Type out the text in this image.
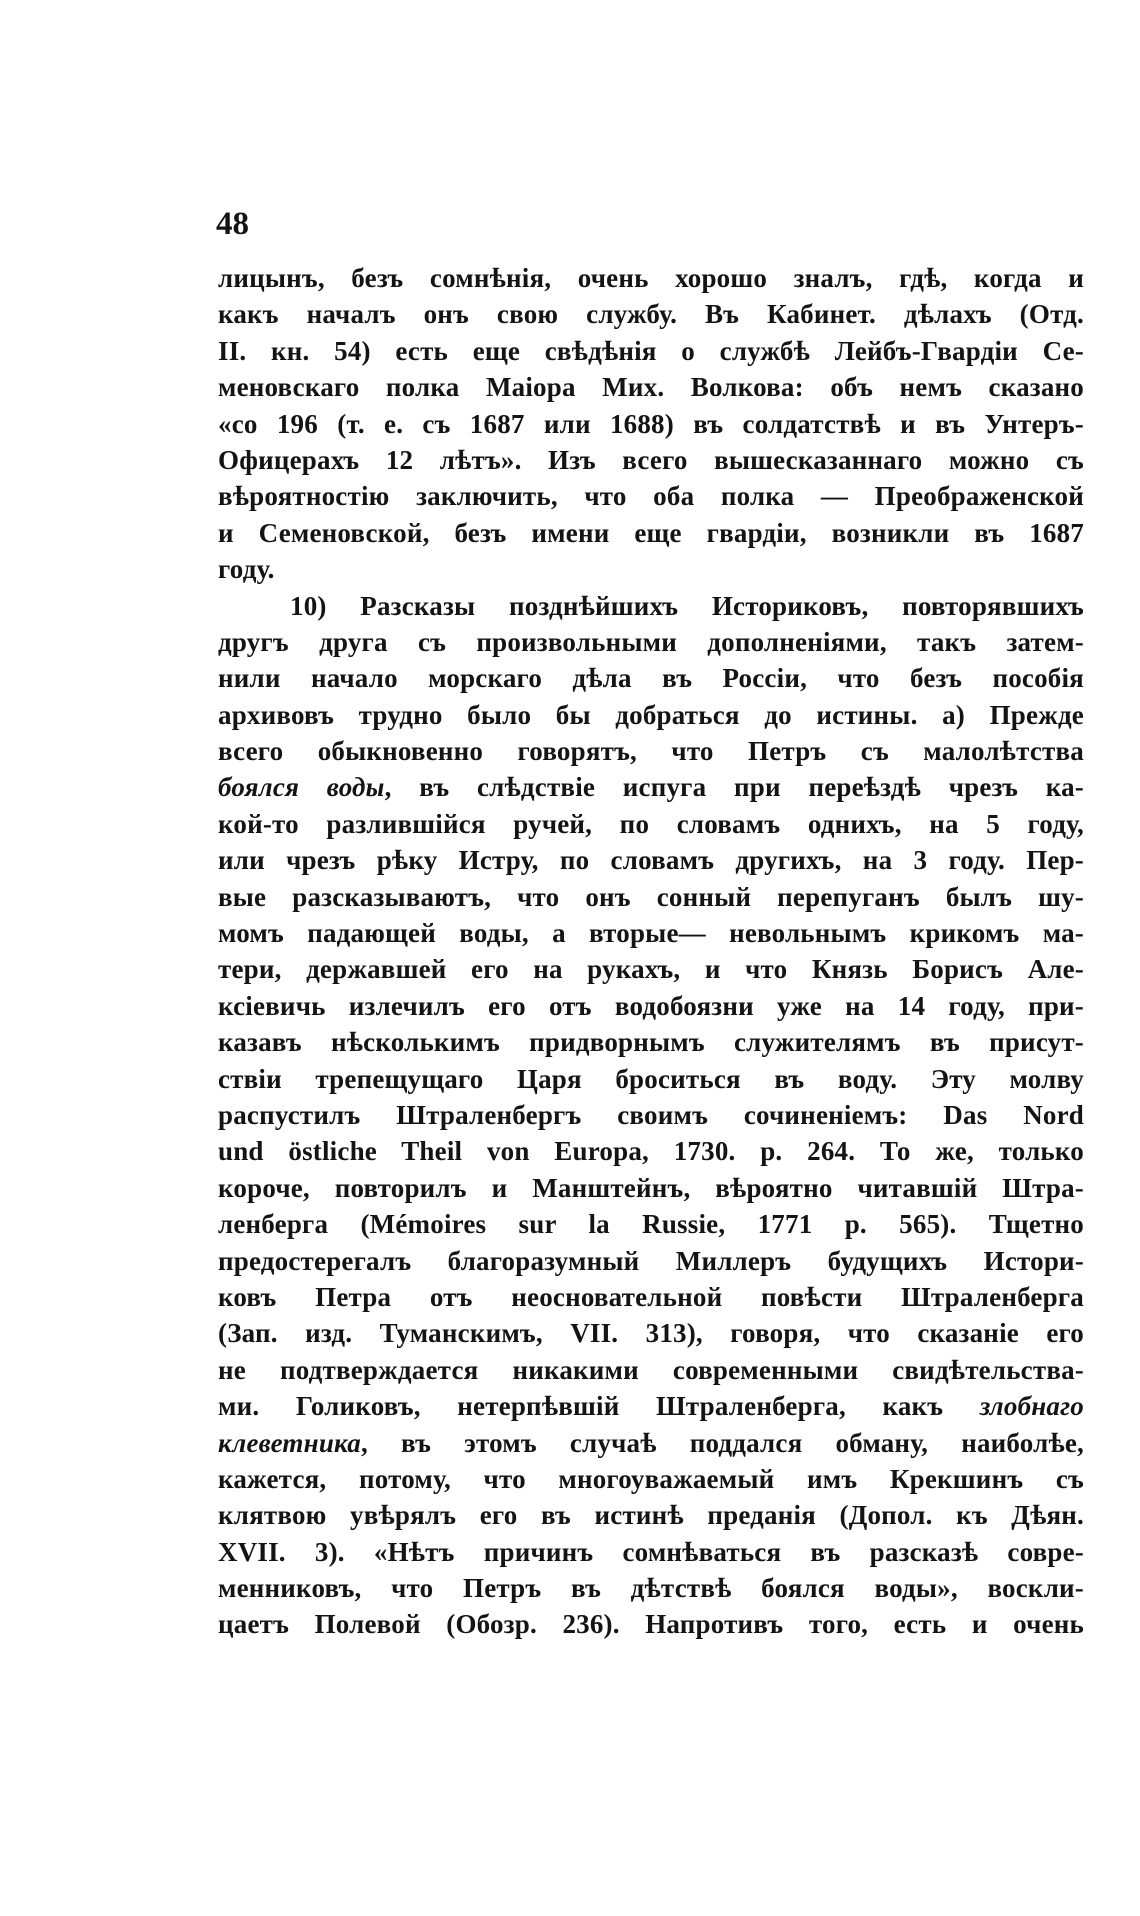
48
лицынъ, безъ сомнѣнія, очень хорошо зналъ, гдѣ, когда и
какъ началъ онъ свою службу. Въ Кабинет. дѣлахъ (Отд.
II. кн. 54) есть еще свѣдѣнія о службѣ Лейбъ-Гвардіи Се-
меновскаго полка Маіора Мих. Волкова: объ немъ сказано
«со 196 (т. е. съ 1687 или 1688) въ солдатствѣ и въ Унтеръ-
Офицерахъ 12 лѣтъ». Изъ всего вышесказаннаго можно съ
вѣроятностію заключить, что оба полка — Преображенской
и Семеновской, безъ имени еще гвардіи, возникли въ 1687
году.
10) Разсказы позднѣйшихъ Историковъ, повторявшихъ
другъ друга съ произвольными дополненіями, такъ затем-
нили начало морскаго дѣла въ Россіи, что безъ пособія
архивовъ трудно было бы добраться до истины. а) Прежде
всего обыкновенно говорятъ, что Петръ съ малолѣтства
боялся воды, въ слѣдствіе испуга при переѣздѣ чрезъ ка-
кой-то разлившійся ручей, по словамъ однихъ, на 5 году,
или чрезъ рѣку Истру, по словамъ другихъ, на 3 году. Пер-
вые разсказываютъ, что онъ сонный перепуганъ былъ шу-
момъ падающей воды, а вторые— невольнымъ крикомъ ма-
тери, державшей его на рукахъ, и что Князь Борисъ Але-
ксіевичь излечилъ его отъ водобоязни уже на 14 году, при-
казавъ нѣсколькимъ придворнымъ служителямъ въ присут-
ствіи трепещущаго Царя броситься въ воду. Эту молву
распустилъ Штраленбергъ своимъ сочиненіемъ: Das Nord
und östliche Theil von Europa, 1730. p. 264. То же, только
короче, повторилъ и Манштейнъ, вѣроятно читавшій Штра-
ленберга (Mémoires sur la Russie, 1771 p. 565). Тщетно
предостерегалъ благоразумный Миллеръ будущихъ Истори-
ковъ Петра отъ неосновательной повѣсти Штраленберга
(Зап. изд. Туманскимъ, VII. 313), говоря, что сказаніе его
не подтверждается никакими современными свидѣтельства-
ми. Голиковъ, нетерпѣвшій Штраленберга, какъ злобнаго
клеветника, въ этомъ случаѣ поддался обману, наиболѣе,
кажется, потому, что многоуважаемый имъ Крекшинъ съ
клятвою увѣрялъ его въ истинѣ преданія (Допол. къ Дѣян.
XVII. 3). «Нѣтъ причинъ сомнѣваться въ разсказѣ совре-
менниковъ, что Петръ въ дѣтствѣ боялся воды», воскли-
цаетъ Полевой (Обозр. 236). Напротивъ того, есть и очень
